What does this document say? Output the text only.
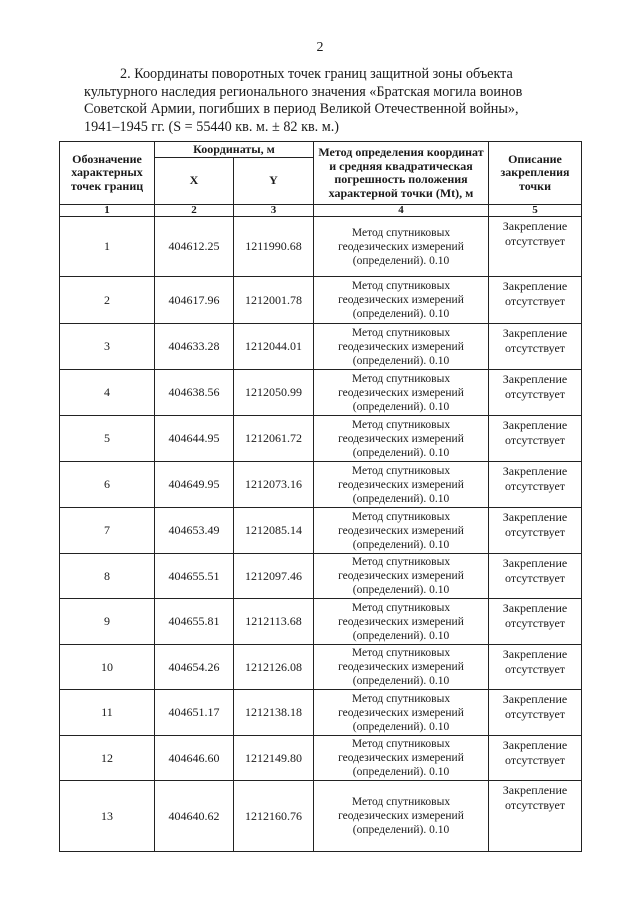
2
2. Координаты поворотных точек границ защитной зоны объекта
культурного наследия регионального значения «Братская могила воинов
Советской Армии, погибших в период Великой Отечественной войны»,
1941–1945 гг. (S = 55440 кв. м. ± 82 кв. м.)
Обозначение характерных точек границ	Координаты, м		Метод определения координат и средняя квадратическая погрешность положения характерной точки (Mt), м	Описание закрепления точки
	X	Y		
1	2	3	4	5
1	404612.25	1211990.68	Метод спутниковых геодезических измерений (определений). 0.10	Закрепление отсутствует
2	404617.96	1212001.78	Метод спутниковых геодезических измерений (определений). 0.10	Закрепление отсутствует
3	404633.28	1212044.01	Метод спутниковых геодезических измерений (определений). 0.10	Закрепление отсутствует
4	404638.56	1212050.99	Метод спутниковых геодезических измерений (определений). 0.10	Закрепление отсутствует
5	404644.95	1212061.72	Метод спутниковых геодезических измерений (определений). 0.10	Закрепление отсутствует
6	404649.95	1212073.16	Метод спутниковых геодезических измерений (определений). 0.10	Закрепление отсутствует
7	404653.49	1212085.14	Метод спутниковых геодезических измерений (определений). 0.10	Закрепление отсутствует
8	404655.51	1212097.46	Метод спутниковых геодезических измерений (определений). 0.10	Закрепление отсутствует
9	404655.81	1212113.68	Метод спутниковых геодезических измерений (определений). 0.10	Закрепление отсутствует
10	404654.26	1212126.08	Метод спутниковых геодезических измерений (определений). 0.10	Закрепление отсутствует
11	404651.17	1212138.18	Метод спутниковых геодезических измерений (определений). 0.10	Закрепление отсутствует
12	404646.60	1212149.80	Метод спутниковых геодезических измерений (определений). 0.10	Закрепление отсутствует
13	404640.62	1212160.76	Метод спутниковых геодезических измерений (определений). 0.10	Закрепление отсутствует
